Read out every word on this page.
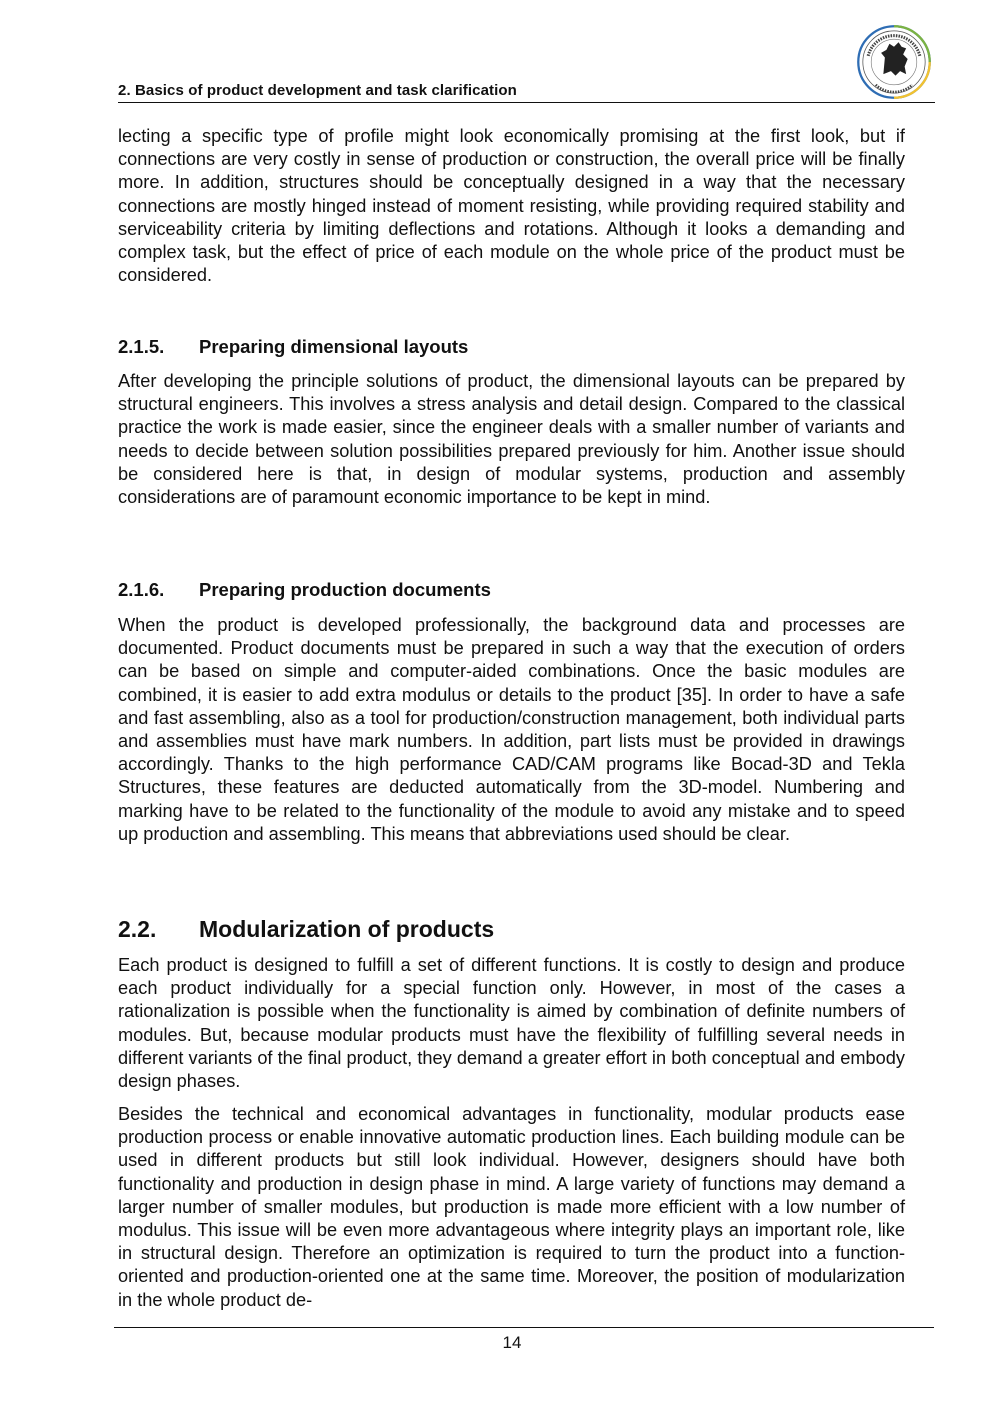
2. Basics of product development and task clarification

lecting a specific type of profile might look economically promising at the first look, but if connections are very costly in sense of production or construction, the overall price will be finally more. In addition, structures should be conceptually designed in a way that the necessary connections are mostly hinged instead of moment resisting, while providing required stability and serviceability criteria by limiting deflections and rotations. Although it looks a demanding and complex task, but the effect of price of each module on the whole price of the product must be considered.

2.1.5. Preparing dimensional layouts

After developing the principle solutions of product, the dimensional layouts can be prepared by structural engineers. This involves a stress analysis and detail design. Compared to the classical practice the work is made easier, since the engineer deals with a smaller number of variants and needs to decide between solution possibilities prepared previously for him. Another issue should be considered here is that, in design of modular systems, production and assembly considerations are of paramount economic importance to be kept in mind.

2.1.6. Preparing production documents

When the product is developed professionally, the background data and processes are documented. Product documents must be prepared in such a way that the execution of orders can be based on simple and computer-aided combinations. Once the basic modules are combined, it is easier to add extra modulus or details to the product [35]. In order to have a safe and fast assembling, also as a tool for production/construction management, both individual parts and assemblies must have mark numbers. In addition, part lists must be provided in drawings accordingly. Thanks to the high performance CAD/CAM programs like Bocad-3D and Tekla Structures, these features are deducted automatically from the 3D-model. Numbering and marking have to be related to the functionality of the module to avoid any mistake and to speed up production and assembling. This means that abbreviations used should be clear.

2.2. Modularization of products

Each product is designed to fulfill a set of different functions. It is costly to design and produce each product individually for a special function only. However, in most of the cases a rationalization is possible when the functionality is aimed by combination of definite numbers of modules. But, because modular products must have the flexibility of fulfilling several needs in different variants of the final product, they demand a greater effort in both conceptual and embody design phases.

Besides the technical and economical advantages in functionality, modular products ease production process or enable innovative automatic production lines. Each building module can be used in different products but still look individual. However, designers should have both functionality and production in design phase in mind. A large variety of functions may demand a larger number of smaller modules, but production is made more efficient with a low number of modulus. This issue will be even more advantageous where integrity plays an important role, like in structural design. Therefore an optimization is required to turn the product into a function-oriented and production-oriented one at the same time. Moreover, the position of modularization in the whole product de-

14
